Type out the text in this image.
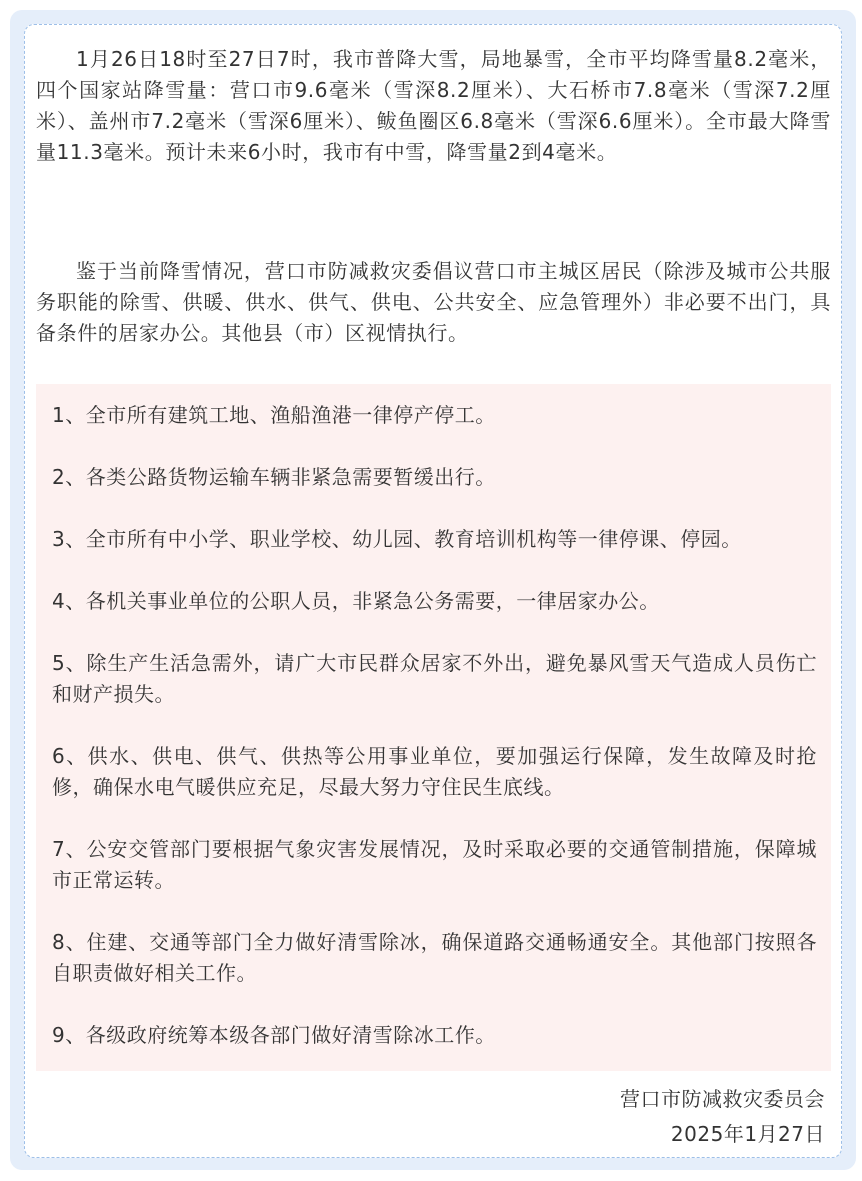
1月26日18时至27日7时，我市普降大雪，局地暴雪，全市平均降雪量8.2毫米，四个国家站降雪量：营口市9.6毫米（雪深8.2厘米）、大石桥市7.8毫米（雪深7.2厘米）、盖州市7.2毫米（雪深6厘米）、鲅鱼圈区6.8毫米（雪深6.6厘米）。全市最大降雪量11.3毫米。预计未来6小时，我市有中雪，降雪量2到4毫米。

鉴于当前降雪情况，营口市防减救灾委倡议营口市主城区居民（除涉及城市公共服务职能的除雪、供暖、供水、供气、供电、公共安全、应急管理外）非必要不出门，具备条件的居家办公。其他县（市）区视情执行。

1、全市所有建筑工地、渔船渔港一律停产停工。

2、各类公路货物运输车辆非紧急需要暂缓出行。

3、全市所有中小学、职业学校、幼儿园、教育培训机构等一律停课、停园。

4、各机关事业单位的公职人员，非紧急公务需要，一律居家办公。

5、除生产生活急需外，请广大市民群众居家不外出，避免暴风雪天气造成人员伤亡和财产损失。

6、供水、供电、供气、供热等公用事业单位，要加强运行保障，发生故障及时抢修，确保水电气暖供应充足，尽最大努力守住民生底线。

7、公安交管部门要根据气象灾害发展情况，及时采取必要的交通管制措施，保障城市正常运转。

8、住建、交通等部门全力做好清雪除冰，确保道路交通畅通安全。其他部门按照各自职责做好相关工作。

9、各级政府统筹本级各部门做好清雪除冰工作。

营口市防减救灾委员会

2025年1月27日
